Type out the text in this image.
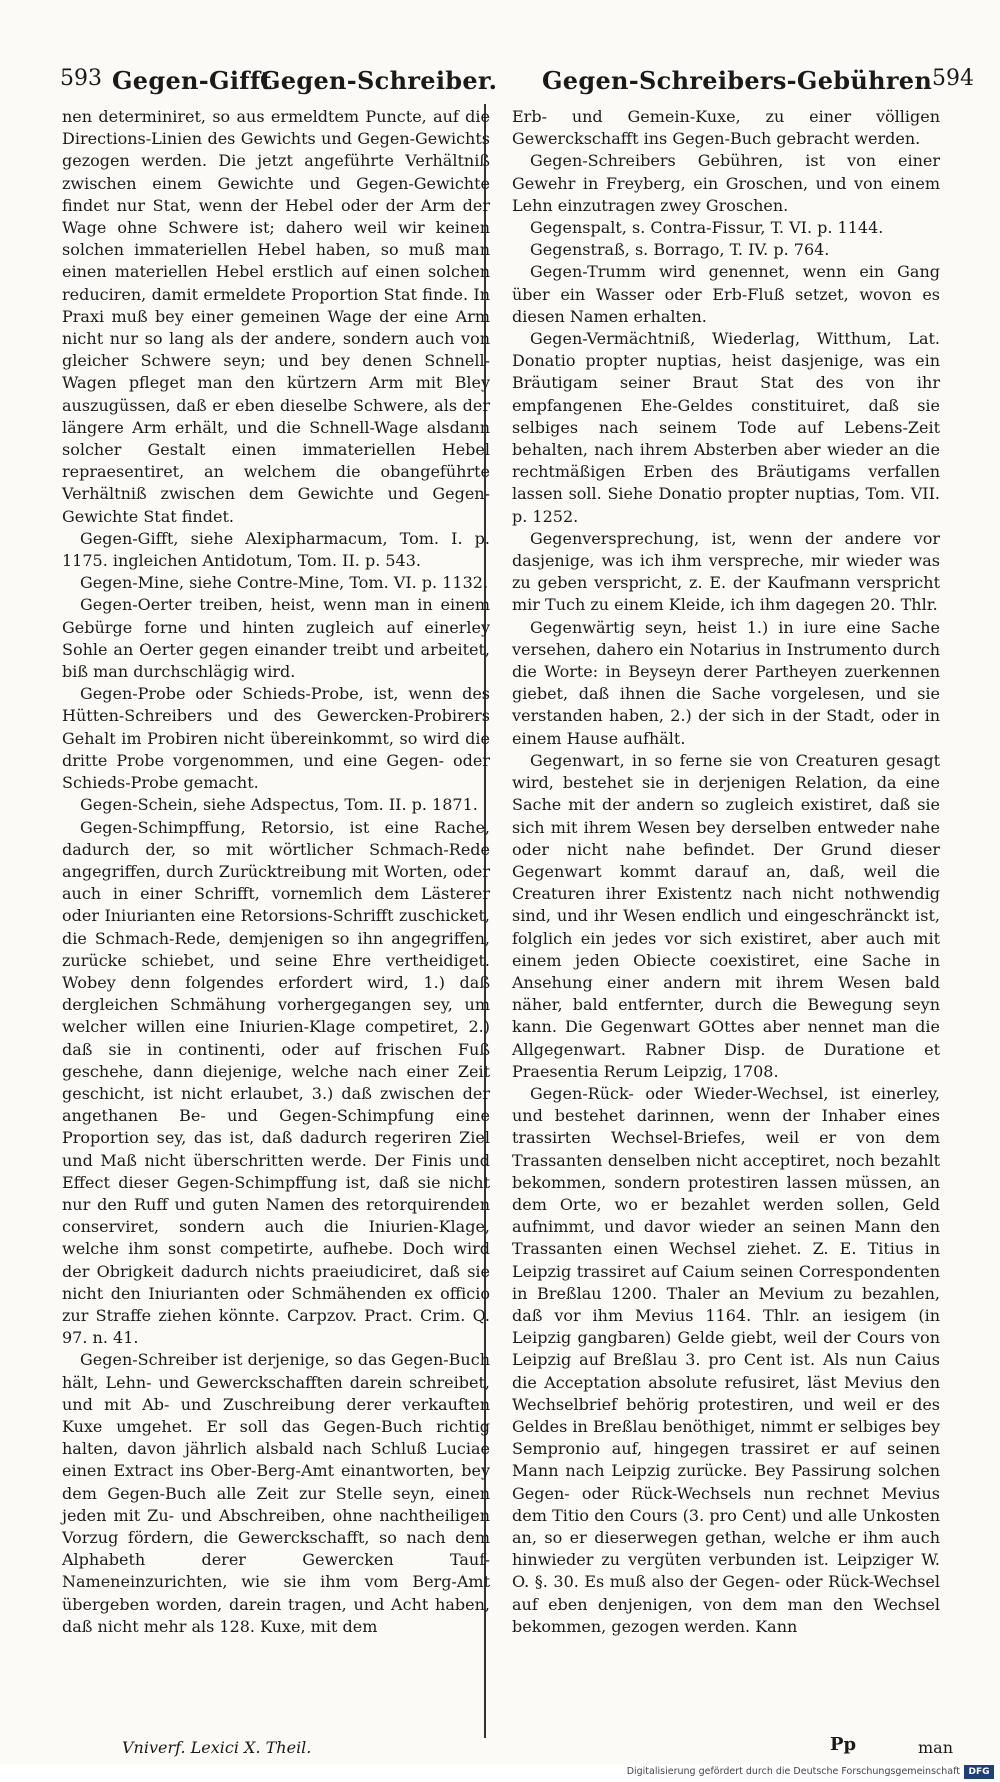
593 Gegen-Gifft
Gegen-Schreiber. Gegen-Schreibers-Gebühren 594

nen determiniret, so aus ermeldtem Puncte, auf die Directions-Linien des Gewichts und Gegen-Gewichts gezogen werden. Die jetzt angeführte Verhältniß zwischen einem Gewichte und Gegen-Gewichte findet nur Stat, wenn der Hebel oder der Arm der Wage ohne Schwere ist; dahero weil wir keinen solchen immateriellen Hebel haben, so muß man einen materiellen Hebel erstlich auf einen solchen reduciren, damit ermeldete Proportion Stat finde. In Praxi muß bey einer gemeinen Wage der eine Arm nicht nur so lang als der andere, sondern auch von gleicher Schwere seyn; und bey denen Schnell-Wagen pfleget man den kürtzern Arm mit Bley auszugüssen, daß er eben dieselbe Schwere, als der längere Arm erhält, und die Schnell-Wage alsdann solcher Gestalt einen immateriellen Hebel repraesentiret, an welchem die obangeführte Verhältniß zwischen dem Gewichte und Gegen-Gewichte Stat findet.

Gegen-Gifft, siehe Alexipharmacum, Tom. I. p. 1175. ingleichen Antidotum, Tom. II. p. 543.

Gegen-Mine, siehe Contre-Mine, Tom. VI. p. 1132.

Gegen-Oerter treiben, heist, wenn man in einem Gebürge forne und hinten zugleich auf einerley Sohle an Oerter gegen einander treibt und arbeitet, biß man durchschlägig wird.

Gegen-Probe oder Schieds-Probe, ist, wenn des Hütten-Schreibers und des Gewercken-Probirers Gehalt im Probiren nicht übereinkommt, so wird die dritte Probe vorgenommen, und eine Gegen- oder Schieds-Probe gemacht.

Gegen-Schein, siehe Adspectus, Tom. II. p. 1871.

Gegen-Schimpffung, Retorsio, ist eine Rache, dadurch der, so mit wörtlicher Schmach-Rede angegriffen, durch Zurücktreibung mit Worten, oder auch in einer Schrifft, vornemlich dem Lästerer oder Iniurianten eine Retorsions-Schrifft zuschicket, die Schmach-Rede, demjenigen so ihn angegriffen, zurücke schiebet, und seine Ehre vertheidiget. Wobey denn folgendes erfordert wird, 1.) daß dergleichen Schmähung vorhergegangen sey, um welcher willen eine Iniurien-Klage competiret, 2.) daß sie in continenti, oder auf frischen Fuß geschehe, dann diejenige, welche nach einer Zeit geschicht, ist nicht erlaubet, 3.) daß zwischen der angethanen Be- und Gegen-Schimpfung eine Proportion sey, das ist, daß dadurch regeriren Ziel und Maß nicht überschritten werde. Der Finis und Effect dieser Gegen-Schimpffung ist, daß sie nicht nur den Ruff und guten Namen des retorquirenden conserviret, sondern auch die Iniurien-Klage, welche ihm sonst competirte, aufhebe. Doch wird der Obrigkeit dadurch nichts praeiudiciret, daß sie nicht den Iniurianten oder Schmähenden ex officio zur Straffe ziehen könnte. Carpzov. Pract. Crim. Q. 97. n. 41.

Gegen-Schreiber ist derjenige, so das Gegen-Buch hält, Lehn- und Gewerckschafften darein schreibet, und mit Ab- und Zuschreibung derer verkauften Kuxe umgehet. Er soll das Gegen-Buch richtig halten, davon jährlich alsbald nach Schluß Luciae einen Extract ins Ober-Berg-Amt einantworten, bey dem Gegen-Buch alle Zeit zur Stelle seyn, einen jeden mit Zu- und Abschreiben, ohne nachtheiligen Vorzug fördern, die Gewerckschafft, so nach dem Alphabeth derer Gewercken Tauf-Nameneinzurichten, wie sie ihm vom Berg-Amt übergeben worden, darein tragen, und Acht haben, daß nicht mehr als 128. Kuxe, mit dem

Erb- und Gemein-Kuxe, zu einer völligen Gewerckschafft ins Gegen-Buch gebracht werden.

Gegen-Schreibers Gebühren, ist von einer Gewehr in Freyberg, ein Groschen, und von einem Lehn einzutragen zwey Groschen.

Gegenspalt, s. Contra-Fissur, T. VI. p. 1144.

Gegenstraß, s. Borrago, T. IV. p. 764.

Gegen-Trumm wird genennet, wenn ein Gang über ein Wasser oder Erb-Fluß setzet, wovon es diesen Namen erhalten.

Gegen-Vermächtniß, Wiederlag, Witthum, Lat. Donatio propter nuptias, heist dasjenige, was ein Bräutigam seiner Braut Stat des von ihr empfangenen Ehe-Geldes constituiret, daß sie selbiges nach seinem Tode auf Lebens-Zeit behalten, nach ihrem Absterben aber wieder an die rechtmäßigen Erben des Bräutigams verfallen lassen soll. Siehe Donatio propter nuptias, Tom. VII. p. 1252.

Gegenversprechung, ist, wenn der andere vor dasjenige, was ich ihm verspreche, mir wieder was zu geben verspricht, z. E. der Kaufmann verspricht mir Tuch zu einem Kleide, ich ihm dagegen 20. Thlr.

Gegenwärtig seyn, heist 1.) in iure eine Sache versehen, dahero ein Notarius in Instrumento durch die Worte: in Beyseyn derer Partheyen zuerkennen giebet, daß ihnen die Sache vorgelesen, und sie verstanden haben, 2.) der sich in der Stadt, oder in einem Hause aufhält.

Gegenwart, in so ferne sie von Creaturen gesagt wird, bestehet sie in derjenigen Relation, da eine Sache mit der andern so zugleich existiret, daß sie sich mit ihrem Wesen bey derselben entweder nahe oder nicht nahe befindet. Der Grund dieser Gegenwart kommt darauf an, daß, weil die Creaturen ihrer Existentz nach nicht nothwendig sind, und ihr Wesen endlich und eingeschränckt ist, folglich ein jedes vor sich existiret, aber auch mit einem jeden Obiecte coexistiret, eine Sache in Ansehung einer andern mit ihrem Wesen bald näher, bald entfernter, durch die Bewegung seyn kann. Die Gegenwart GOttes aber nennet man die Allgegenwart. Rabner Disp. de Duratione et Praesentia Rerum Leipzig, 1708.

Gegen-Rück- oder Wieder-Wechsel, ist einerley, und bestehet darinnen, wenn der Inhaber eines trassirten Wechsel-Briefes, weil er von dem Trassanten denselben nicht acceptiret, noch bezahlt bekommen, sondern protestiren lassen müssen, an dem Orte, wo er bezahlet werden sollen, Geld aufnimmt, und davor wieder an seinen Mann den Trassanten einen Wechsel ziehet. Z. E. Titius in Leipzig trassiret auf Caium seinen Correspondenten in Breßlau 1200. Thaler an Mevium zu bezahlen, daß vor ihm Mevius 1164. Thlr. an iesigem (in Leipzig gangbaren) Gelde giebt, weil der Cours von Leipzig auf Breßlau 3. pro Cent ist. Als nun Caius die Acceptation absolute refusiret, läst Mevius den Wechselbrief behörig protestiren, und weil er des Geldes in Breßlau benöthiget, nimmt er selbiges bey Sempronio auf, hingegen trassiret er auf seinen Mann nach Leipzig zurücke. Bey Passirung solchen Gegen- oder Rück-Wechsels nun rechnet Mevius dem Titio den Cours (3. pro Cent) und alle Unkosten an, so er dieserwegen gethan, welche er ihm auch hinwieder zu vergüten verbunden ist. Leipziger W. O. §. 30. Es muß also der Gegen- oder Rück-Wechsel auf eben denjenigen, von dem man den Wechsel bekommen, gezogen werden. Kann

Vniverf. Lexici X. Theil.	Pp	man
Digitalisierung gefördert durch die Deutsche Forschungsgemeinschaft DFG
